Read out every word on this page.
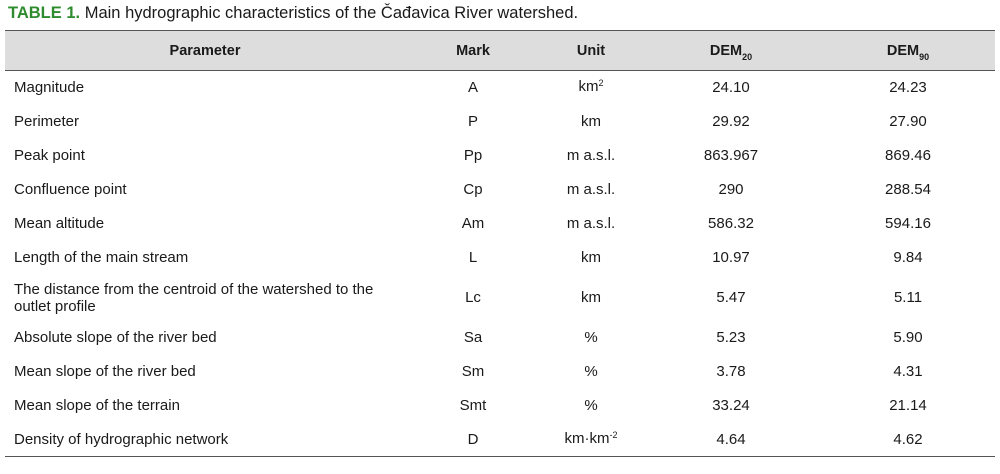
TABLE 1. Main hydrographic characteristics of the Čađavica River watershed.
Parameter	Mark	Unit	$DEM_{20}$	$DEM_{90}$
Magnitude	A	$km^2$	24.10	24.23
Perimeter	P	km	29.92	27.90
Peak point	Pp	m a.s.l.	863.967	869.46
Confluence point	Cp	m a.s.l.	290	288.54
Mean altitude	Am	m a.s.l.	586.32	594.16
Length of the main stream	L	km	10.97	9.84

The distance from the centroid of the watershed to the
outlet profile	Lc	km	5.47	5.11
Absolute slope of the river bed	Sa	%	5.23	5.90
Mean slope of the river bed	Sm	%	3.78	4.31
Mean slope of the terrain	Smt	%	33.24	21.14
Density of hydrographic network	D	$km\cdot km^{-2}$	4.64	4.62
